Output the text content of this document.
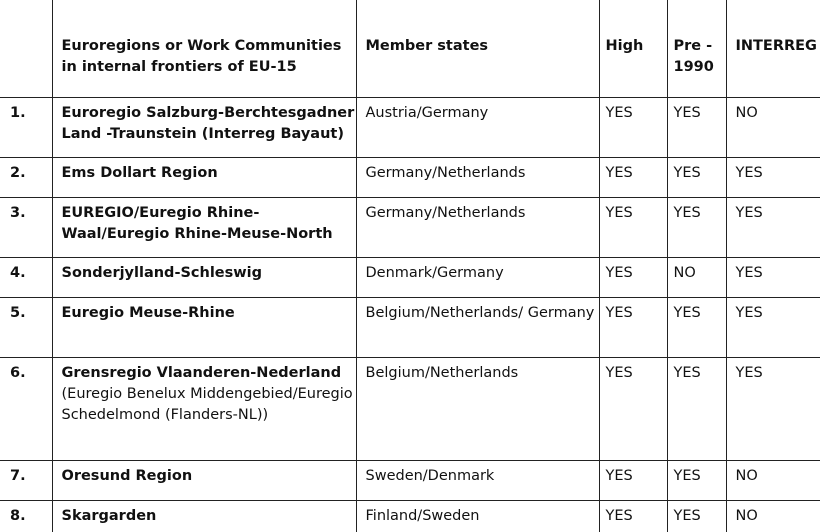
	Euroregions or Work Communities in internal frontiers of EU-15	Member states	High	Pre - 1990	INTERREG
1.	Euroregio Salzburg-Berchtesgadner Land -Traunstein (Interreg Bayaut)	Austria/Germany	YES	YES	NO
2.	Ems Dollart Region	Germany/Netherlands	YES	YES	YES
3.	EUREGIO/Euregio Rhine-Waal/Euregio Rhine-Meuse-North	Germany/Netherlands	YES	YES	YES
4.	Sonderjylland-Schleswig	Denmark/Germany	YES	NO	YES
5.	Euregio Meuse-Rhine	Belgium/Netherlands/ Germany	YES	YES	YES
6.	Grensregio Vlaanderen-Nederland
(Euregio Benelux Middengebied/Euregio Schedelmond (Flanders-NL))	Belgium/Netherlands	YES	YES	YES
7.	Oresund Region	Sweden/Denmark	YES	YES	NO
8.	Skargarden	Finland/Sweden	YES	YES	NO
